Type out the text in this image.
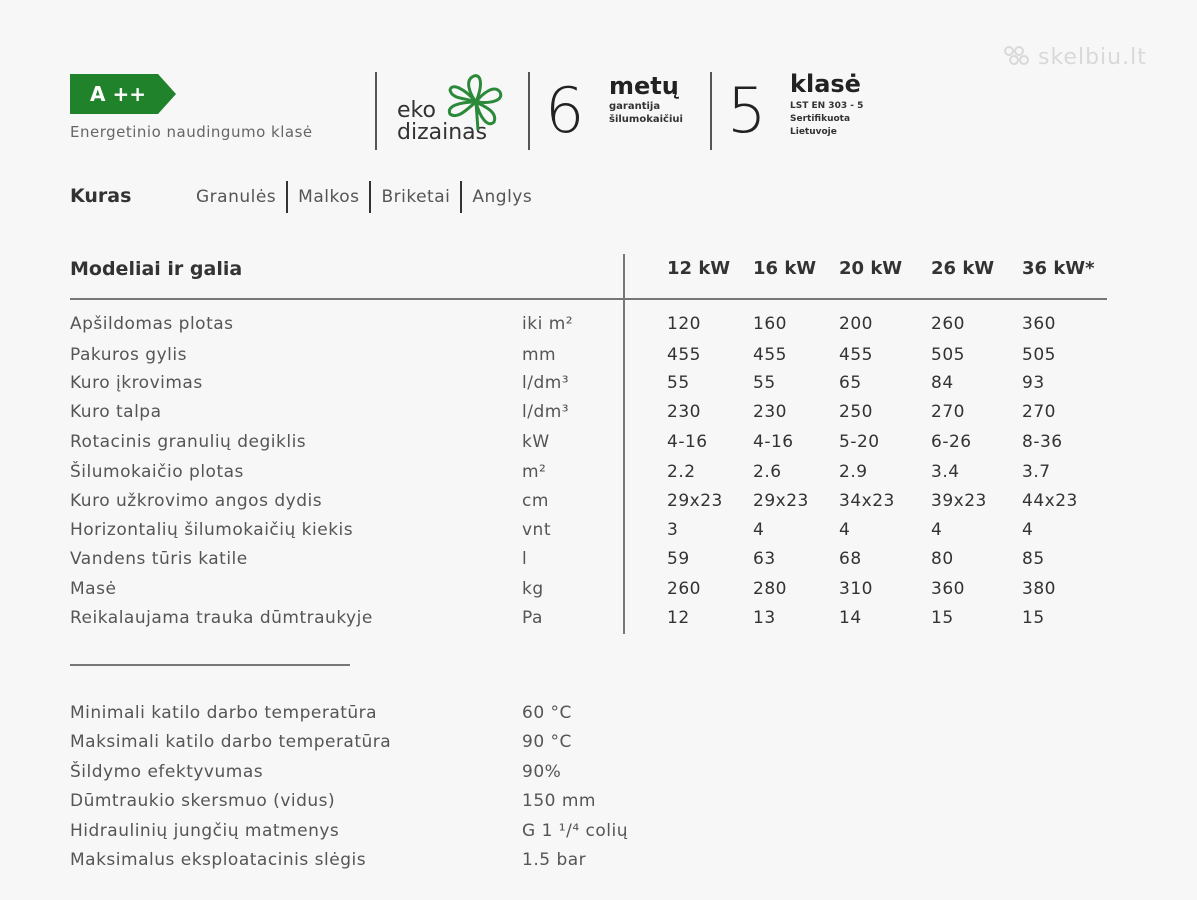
skelbiu.lt
A ++
Energetinio naudingumo klasė
eko
dizainas 6 metų
garantija
šilumokaičiui 5 klasė
LST EN 303 - 5
Sertifikuota
Lietuvoje
Kuras	Granulės	Malkos	Briketai	Anglys
Modeliai ir galia	12 kW 16 kW 20 kW 26 kW 36 kW*
Apšildomas plotas	iki m²	120	160	200	260	360
Pakuros gylis	mm	455	455	455	505	505
Kuro įkrovimas	l/dm³	55	55	65	84	93
Kuro talpa	l/dm³	230	230	250	270	270
Rotacinis granulių degiklis	kW	4-16	4-16	5-20	6-26	8-36
Šilumokaičio plotas	m²	2.2	2.6	2.9	3.4	3.7
Kuro užkrovimo angos dydis	cm	29x23 29x23 34x23 39x23 44x23
Horizontalių šilumokaičių kiekis	vnt	3	4	4	4	4
Vandens tūris katile	l	59	63	68	80	85
Masė	kg	260	280	310	360	380
Reikalaujama trauka dūmtraukyje	Pa	12	13	14	15	15
Minimali katilo darbo temperatūra	60 °C
Maksimali katilo darbo temperatūra	90 °C
Šildymo efektyvumas	90%
Dūmtraukio skersmuo (vidus)	150 mm
Hidraulinių jungčių matmenys	G 1 ¹/⁴ colių
Maksimalus eksploatacinis slėgis	1.5 bar
